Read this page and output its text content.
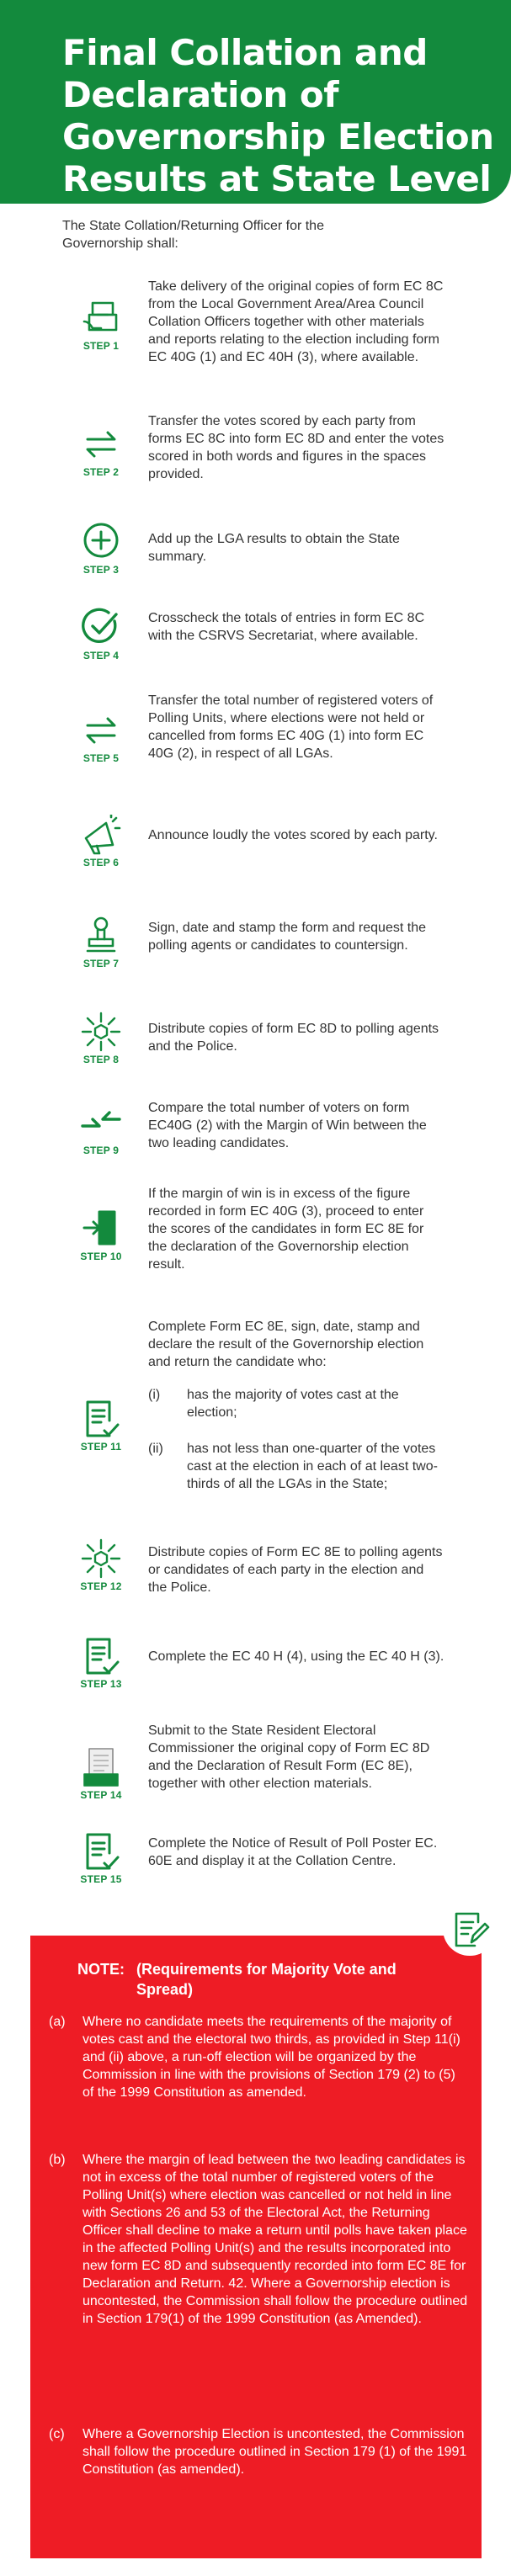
Final Collation and Declaration of Governorship Election Results at State Level
The State Collation/Returning Officer for the Governorship shall:
STEP 1
Take delivery of the original copies of form EC 8C from the Local Government Area/Area Council Collation Officers together with other materials and reports relating to the election including form EC 40G (1) and EC 40H (3), where available.
STEP 2
Transfer the votes scored by each party from forms EC 8C into form EC 8D and enter the votes scored in both words and figures in the spaces provided.
STEP 3
Add up the LGA results to obtain the State summary.
STEP 4
Crosscheck the totals of entries in form EC 8C with the CSRVS Secretariat, where available.
STEP 5
Transfer the total number of registered voters of Polling Units, where elections were not held or cancelled from forms EC 40G (1) into form EC 40G (2), in respect of all LGAs.
STEP 6
Announce loudly the votes scored by each party.
STEP 7
Sign, date and stamp the form and request the polling agents or candidates to countersign.
STEP 8
Distribute copies of form EC 8D to polling agents and the Police.
STEP 9
Compare the total number of voters on form EC40G (2) with the Margin of Win between the two leading candidates.
STEP 10
If the margin of win is in excess of the figure recorded in form EC 40G (3), proceed to enter the scores of the candidates in form EC 8E for the declaration of the Governorship election result.
STEP 11
Complete Form EC 8E, sign, date, stamp and declare the result of the Governorship election and return the candidate who:
(i) has the majority of votes cast at the election;
(ii) has not less than one-quarter of the votes cast at the election in each of at least two-thirds of all the LGAs in the State;
STEP 12
Distribute copies of Form EC 8E to polling agents or candidates of each party in the election and the Police.
STEP 13
Complete the EC 40 H (4), using the EC 40 H (3).
STEP 14
Submit to the State Resident Electoral Commissioner the original copy of Form EC 8D and the Declaration of Result Form (EC 8E), together with other election materials.
STEP 15
Complete the Notice of Result of Poll Poster EC. 60E and display it at the Collation Centre.
NOTE: (Requirements for Majority Vote and Spread)
(a)	Where no candidate meets the requirements of the majority of votes cast and the electoral two thirds, as provided in Step 11(i) and (ii) above, a run-off election will be organized by the Commission in line with the provisions of Section 179 (2) to (5) of the 1999 Constitution as amended.
(b)	Where the margin of lead between the two leading candidates is not in excess of the total number of registered voters of the Polling Unit(s) where election was cancelled or not held in line with Sections 26 and 53 of the Electoral Act, the Returning Officer shall decline to make a return until polls have taken place in the affected Polling Unit(s) and the results incorporated into new form EC 8D and subsequently recorded into form EC 8E for Declaration and Return. 42. Where a Governorship election is uncontested, the Commission shall follow the procedure outlined in Section 179(1) of the 1999 Constitution (as Amended).
(c)	Where a Governorship Election is uncontested, the Commission shall follow the procedure outlined in Section 179 (1) of the 1991 Constitution (as amended).
